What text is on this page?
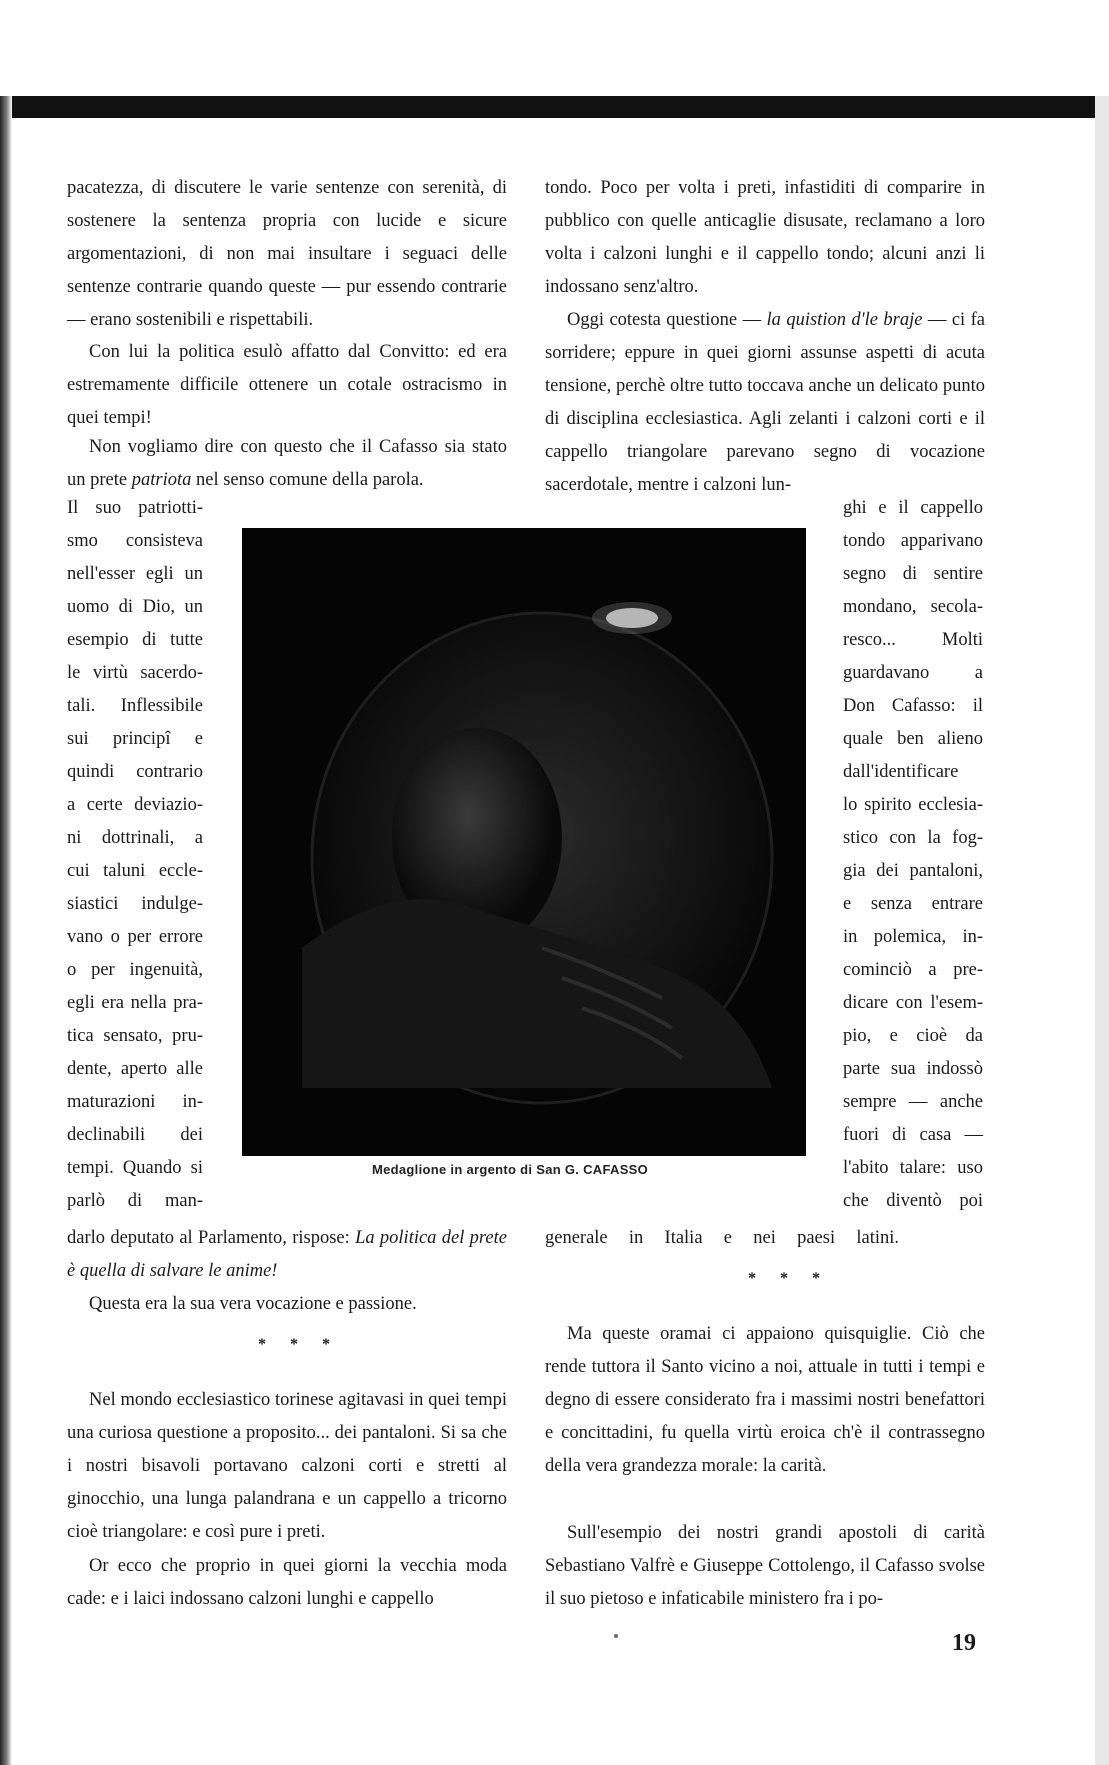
pacatezza, di discutere le varie sentenze con serenità, di sostenere la sentenza propria con lucide e sicure argomentazioni, di non mai insultare i seguaci delle sentenze contrarie quando queste — pur essendo contrarie — erano sostenibili e rispettabili.

Con lui la politica esulò affatto dal Convitto: ed era estremamente difficile ottenere un cotale ostracismo in quei tempi!

Non vogliamo dire con questo che il Cafasso sia stato un prete patriota nel senso comune della parola.

Il suo patriotti-
smo consisteva
nell'esser egli un
uomo di Dio, un
esempio di tutte
le virtù sacerdo-
tali. Inflessibile
sui principî e
quindi contrario
a certe deviazio-
ni dottrinali, a
cui taluni eccle-
siastici indulge-
vano o per errore
o per ingenuità,
egli era nella pra-
tica sensato, pru-
dente, aperto alle
maturazioni in-
declinabili dei
tempi. Quando si
parlò di man-

darlo deputato al Parlamento, rispose: La politica del prete è quella di salvare le anime!

Questa era la sua vera vocazione e passione.

* * *

Nel mondo ecclesiastico torinese agitavasi in quei tempi una curiosa questione a proposito... dei pantaloni. Si sa che i nostri bisavoli portavano calzoni corti e stretti al ginocchio, una lunga palandrana e un cappello a tricorno cioè triangolare: e così pure i preti.

Or ecco che proprio in quei giorni la vecchia moda cade: e i laici indossano calzoni lunghi e cappello

tondo. Poco per volta i preti, infastiditi di comparire in pubblico con quelle anticaglie disusate, reclamano a loro volta i calzoni lunghi e il cappello tondo; alcuni anzi li indossano senz'altro.

Oggi cotesta questione — la quistion d'le braje — ci fa sorridere; eppure in quei giorni assunse aspetti di acuta tensione, perchè oltre tutto toccava anche un delicato punto di disciplina ecclesiastica. Agli zelanti i calzoni corti e il cappello triangolare parevano segno di vocazione sacerdotale, mentre i calzoni lun-

ghi e il cappello
tondo apparivano
segno di sentire
mondano, secola-
resco... Molti
guardavano a
Don Cafasso: il
quale ben alieno
dall'identificare
lo spirito ecclesia-
stico con la fog-
gia dei pantaloni,
e senza entrare
in polemica, in-
cominciò a pre-
dicare con l'esem-
pio, e cioè da
parte sua indossò
sempre — anche
fuori di casa —
l'abito talare: uso
che diventò poi

generale in Italia e nei paesi latini.

* * *

Ma queste oramai ci appaiono quisquiglie. Ciò che rende tuttora il Santo vicino a noi, attuale in tutti i tempi e degno di essere considerato fra i massimi nostri benefattori e concittadini, fu quella virtù eroica ch'è il contrassegno della vera grandezza morale: la carità.

Sull'esempio dei nostri grandi apostoli di carità Sebastiano Valfrè e Giuseppe Cottolengo, il Cafasso svolse il suo pietoso e infaticabile ministero fra i po-

Medaglione in argento di San G. CAFASSO
19
